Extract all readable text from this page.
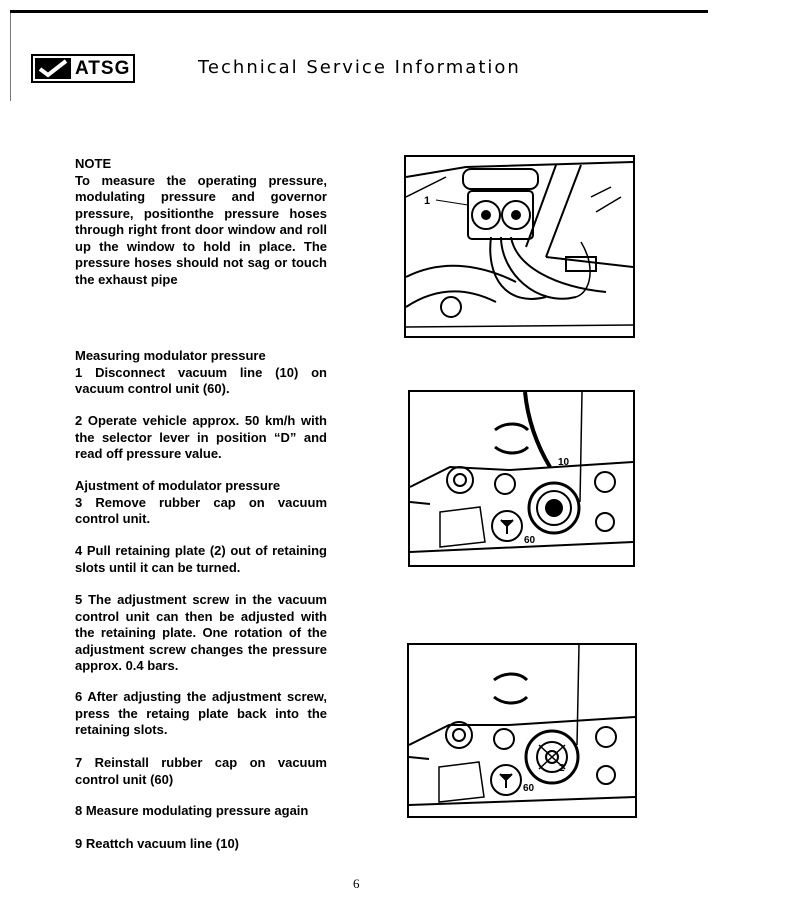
ATSG	Technical Service Information

NOTE

To measure the operating pressure, modulating pressure and governor pressure, positionthe pressure hoses through right front door window and roll up the window to hold in place. The pressure hoses should not sag or touch the exhaust pipe

Measuring modulator pressure

1 Disconnect vacuum line (10) on vacuum control unit (60).

2 Operate vehicle approx. 50 km/h with the selector lever in position “D” and read off pressure value.

Ajustment of modulator pressure

3 Remove rubber cap on vacuum control unit.

4 Pull retaining plate (2) out of retaining slots until it can be turned.

5 The adjustment screw in the vacuum control unit can then be adjusted with the retaining plate. One rotation of the adjustment screw changes the pressure approx. 0.4 bars.

6 After adjusting the adjustment screw, press the retaing plate back into the retaining slots.

7 Reinstall rubber cap on vacuum control unit (60)

8 Measure modulating pressure again

9 Reattch vacuum line (10)

1
10
60
2
60
6
